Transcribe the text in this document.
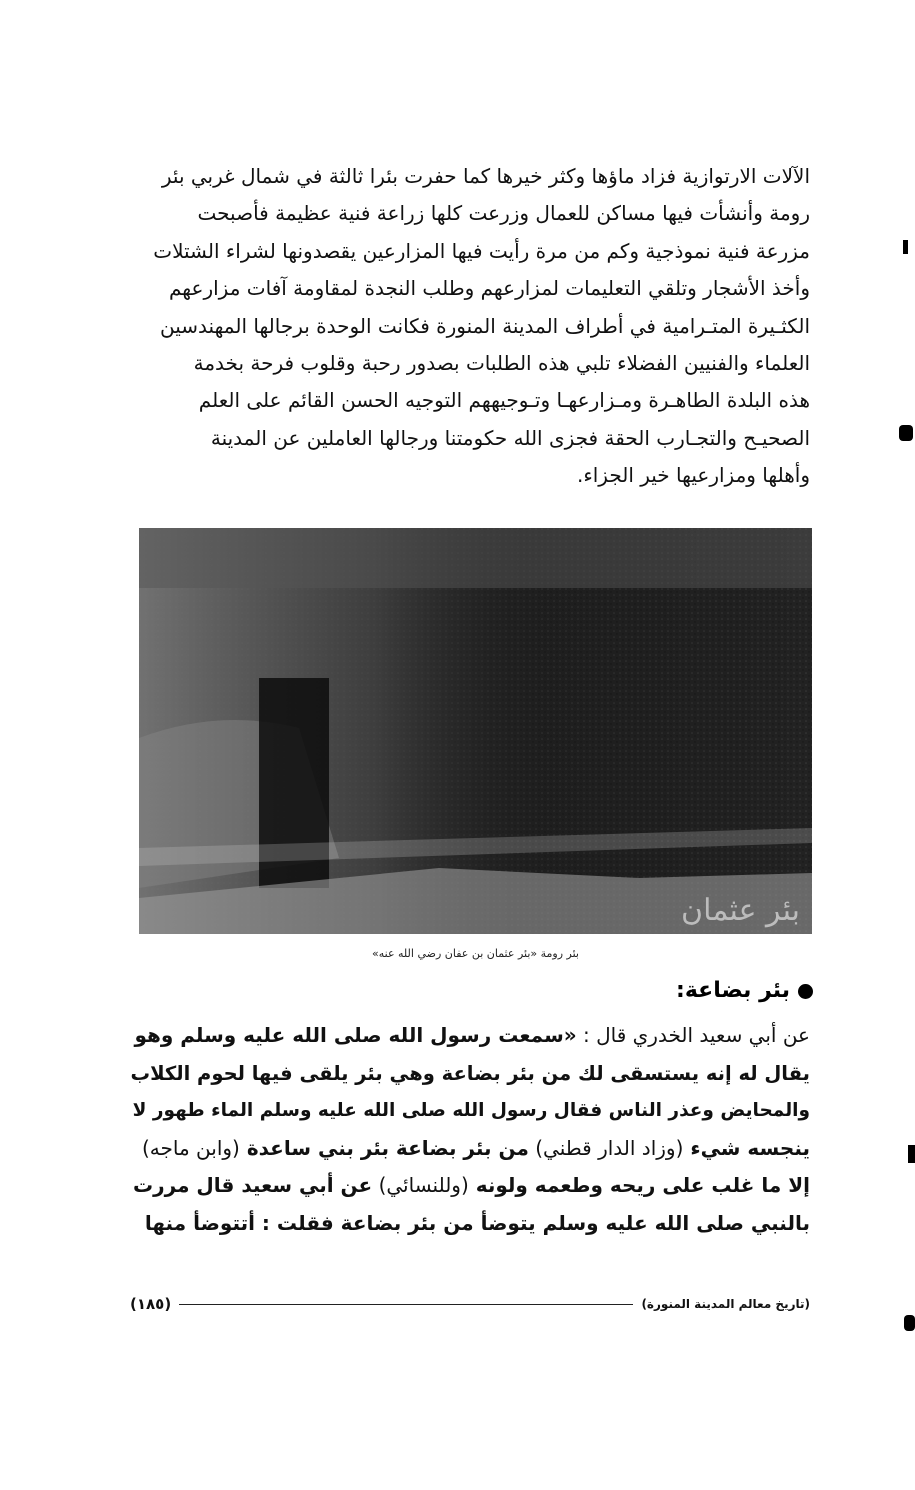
الآلات الارتوازية فزاد ماؤها وكثر خيرها كما حفرت بئرا ثالثة في شمال غربي بئر
رومة وأنشأت فيها مساكن للعمال وزرعت كلها زراعة فنية عظيمة فأصبحت
مزرعة فنية نموذجية وكم من مرة رأيت فيها المزارعين يقصدونها لشراء الشتلات
وأخذ الأشجار وتلقي التعليمات لمزارعهم وطلب النجدة لمقاومة آفات مزارعهم
الكثـيرة المتـرامية في أطراف المدينة المنورة فكانت الوحدة برجالها المهندسين
العلماء والفنيين الفضلاء تلبي هذه الطلبات بصدور رحبة وقلوب فرحة بخدمة
هذه البلدة الطاهـرة ومـزارعهـا وتـوجيههم التوجيه الحسن القائم على العلم
الصحيـح والتجـارب الحقة فجزى الله حكومتنا ورجالها العاملين عن المدينة
وأهلها ومزارعيها خير الجزاء.
بئر عثمان
بئر رومة «بئر عثمان بن عفان رضي الله عنه»
بئر بضاعة:
عن أبي سعيد الخدري قال : «سمعت رسول الله صلى الله عليه وسلم وهو
يقال له إنه يستسقى لك من بئر بضاعة وهي بئر يلقى فيها لحوم الكلاب
والمحايض وعذر الناس فقال رسول الله صلى الله عليه وسلم الماء طهور لا
ينجسه شيء (وزاد الدار قطني) من بئر بضاعة بئر بني ساعدة (وابن ماجه)
إلا ما غلب على ريحه وطعمه ولونه (وللنسائي) عن أبي سعيد قال مررت
بالنبي صلى الله عليه وسلم يتوضأ من بئر بضاعة فقلت : أتتوضأ منها
(تاريخ معالم المدينة المنورة)
(١٨٥)
